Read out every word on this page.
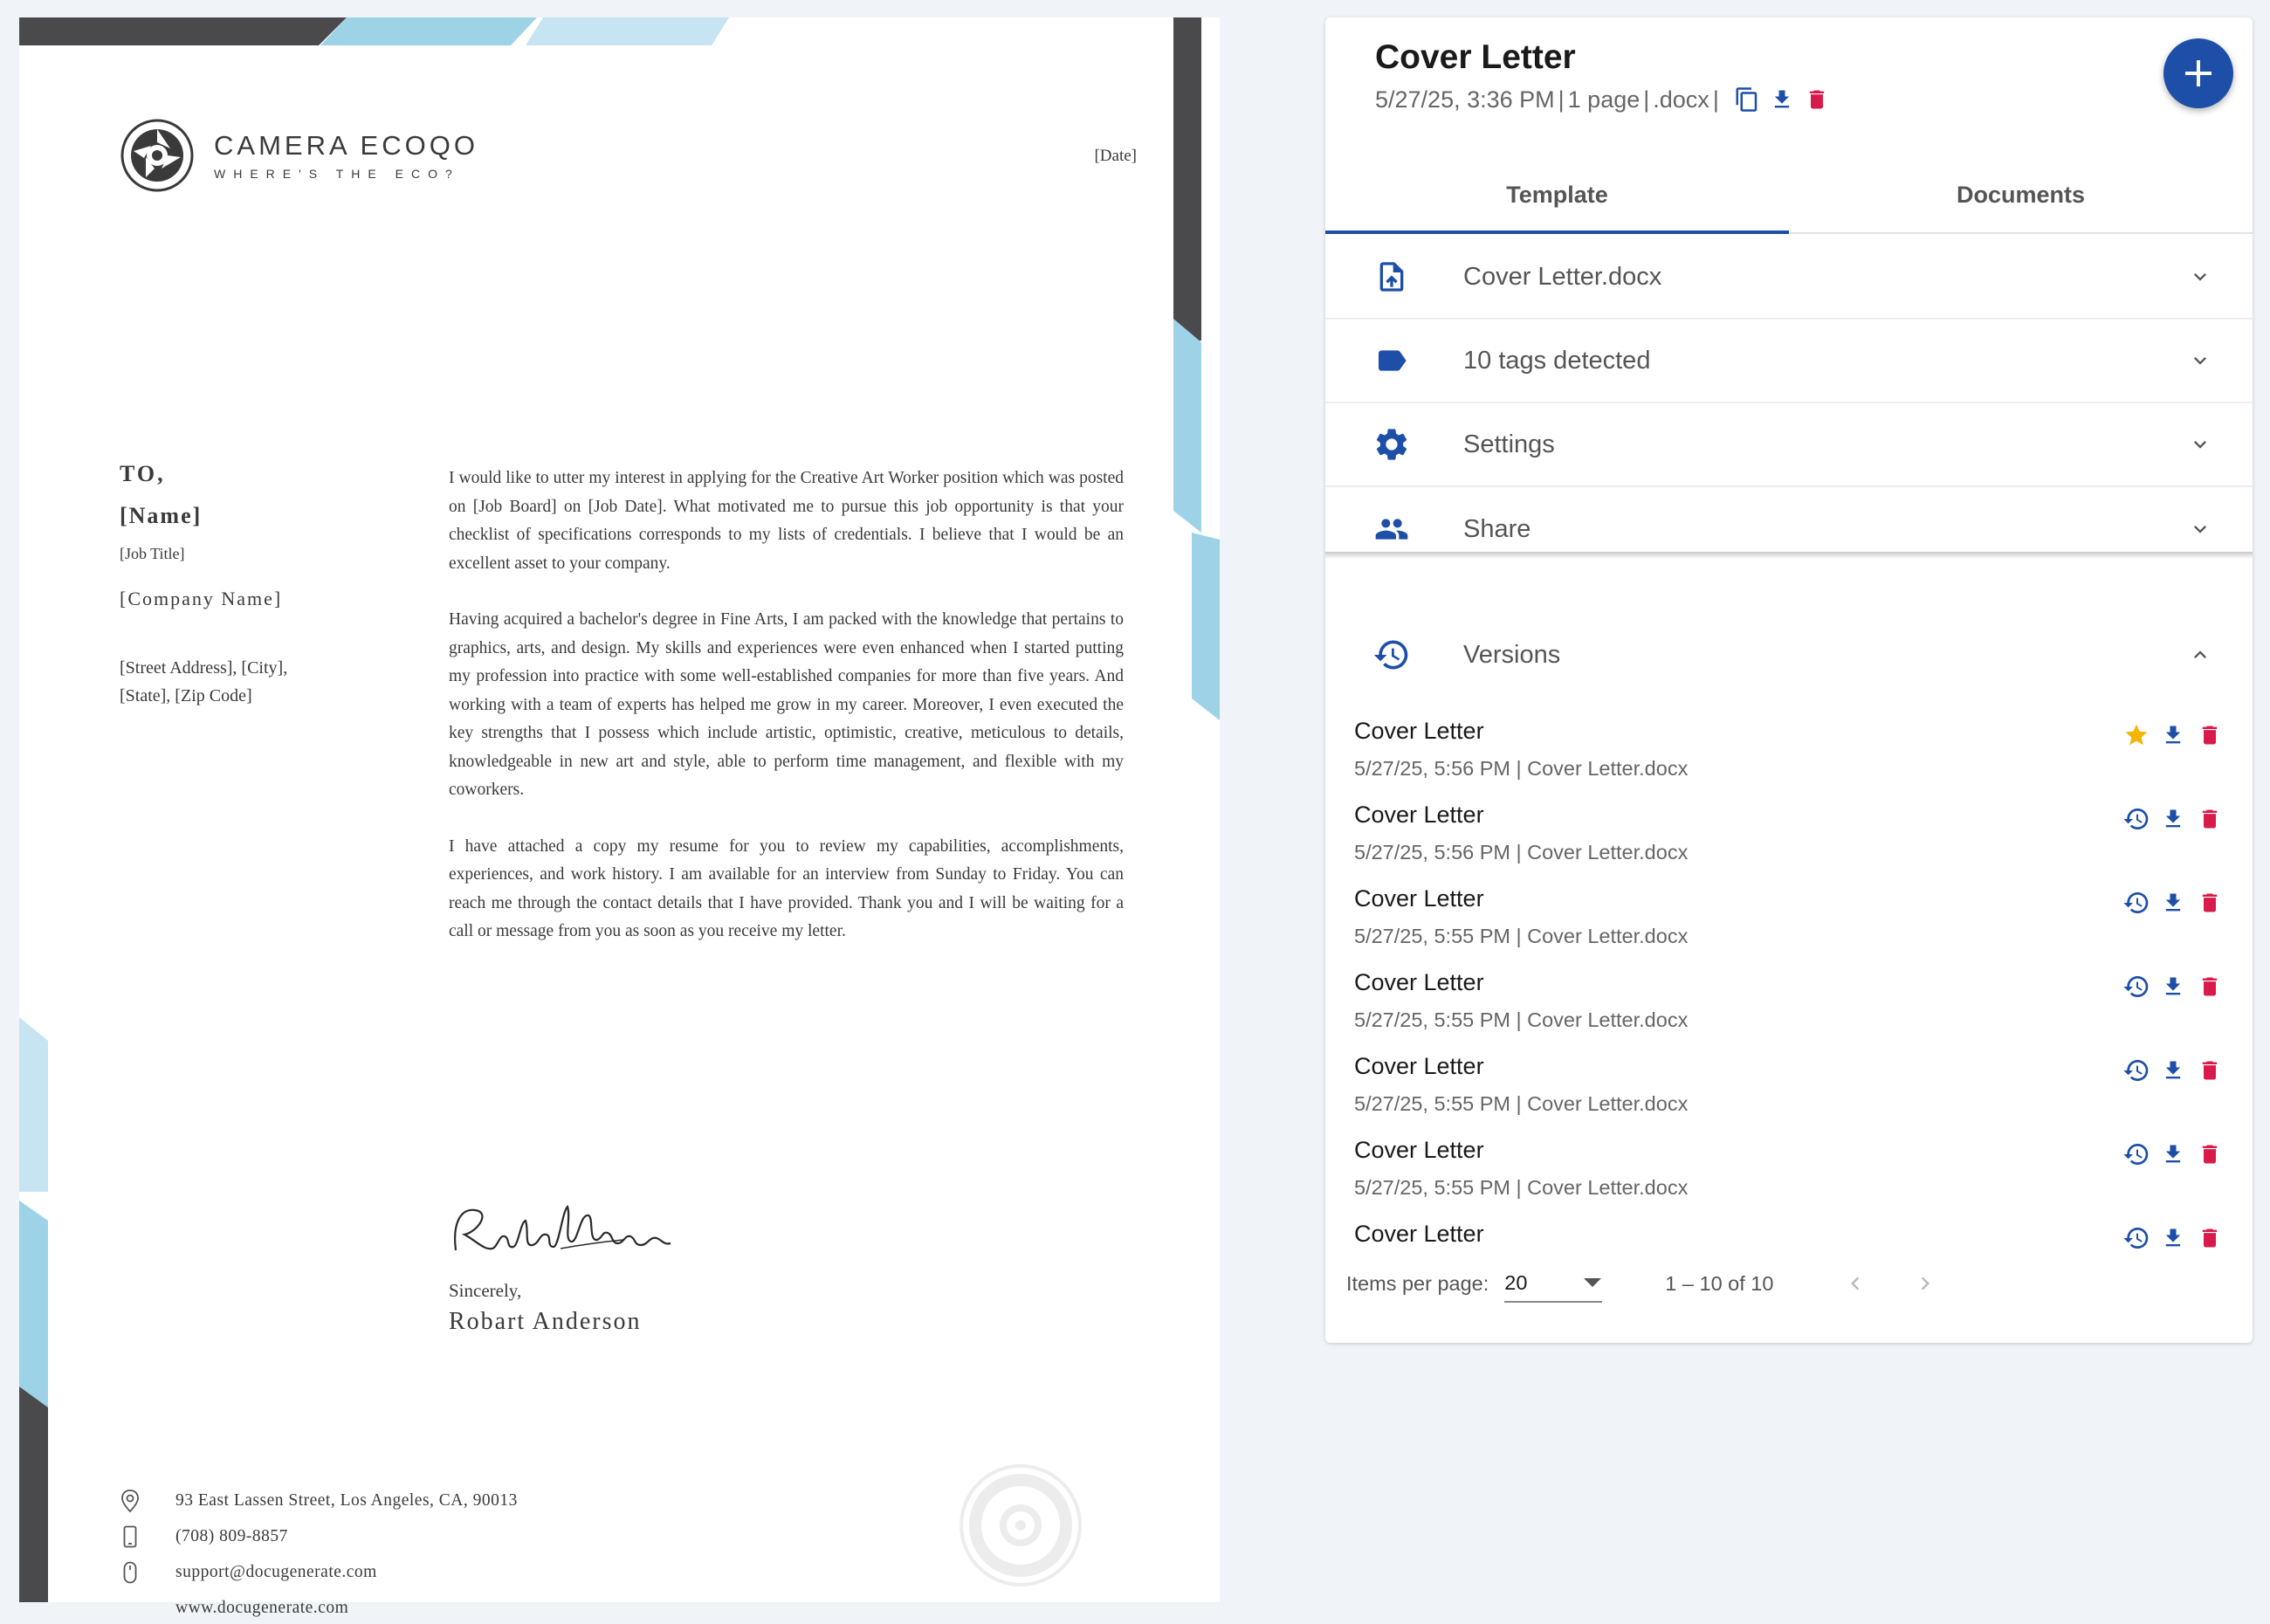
CAMERA ECOQO
WHERE'S THE ECO?
[Date]
TO,
[Name]
[Job Title]
[Company Name]
[Street Address], [City],
[State], [Zip Code]

I would like to utter my interest in applying for the Creative Art Worker position which was posted on [Job Board] on [Job Date]. What motivated me to pursue this job opportunity is that your checklist of specifications corresponds to my lists of credentials. I believe that I would be an excellent asset to your company.

Having acquired a bachelor's degree in Fine Arts, I am packed with the knowledge that pertains to graphics, arts, and design. My skills and experiences were even enhanced when I started putting my profession into practice with some well-established companies for more than five years. And working with a team of experts has helped me grow in my career. Moreover, I even executed the key strengths that I possess which include artistic, optimistic, creative, meticulous to details, knowledgeable in new art and style, able to perform time management, and flexible with my coworkers.

I have attached a copy my resume for you to review my capabilities, accomplishments, experiences, and work history. I am available for an interview from Sunday to Friday. You can reach me through the contact details that I have provided. Thank you and I will be waiting for a call or message from you as soon as you receive my letter.

Sincerely,
Robart Anderson
93 East Lassen Street, Los Angeles, CA, 90013
(708) 809-8857
support@docugenerate.com
www.docugenerate.com
Cover Letter
5/27/25, 3:36 PM | 1 page | .docx |
Template	Documents
Cover Letter.docx
10 tags detected
Settings
Share
Versions
Cover Letter
5/27/25, 5:56 PM | Cover Letter.docx
Cover Letter
5/27/25, 5:56 PM | Cover Letter.docx
Cover Letter
5/27/25, 5:55 PM | Cover Letter.docx
Cover Letter
5/27/25, 5:55 PM | Cover Letter.docx
Cover Letter
5/27/25, 5:55 PM | Cover Letter.docx
Cover Letter
5/27/25, 5:55 PM | Cover Letter.docx
Cover Letter
Items per page: 20	1 – 10 of 10
